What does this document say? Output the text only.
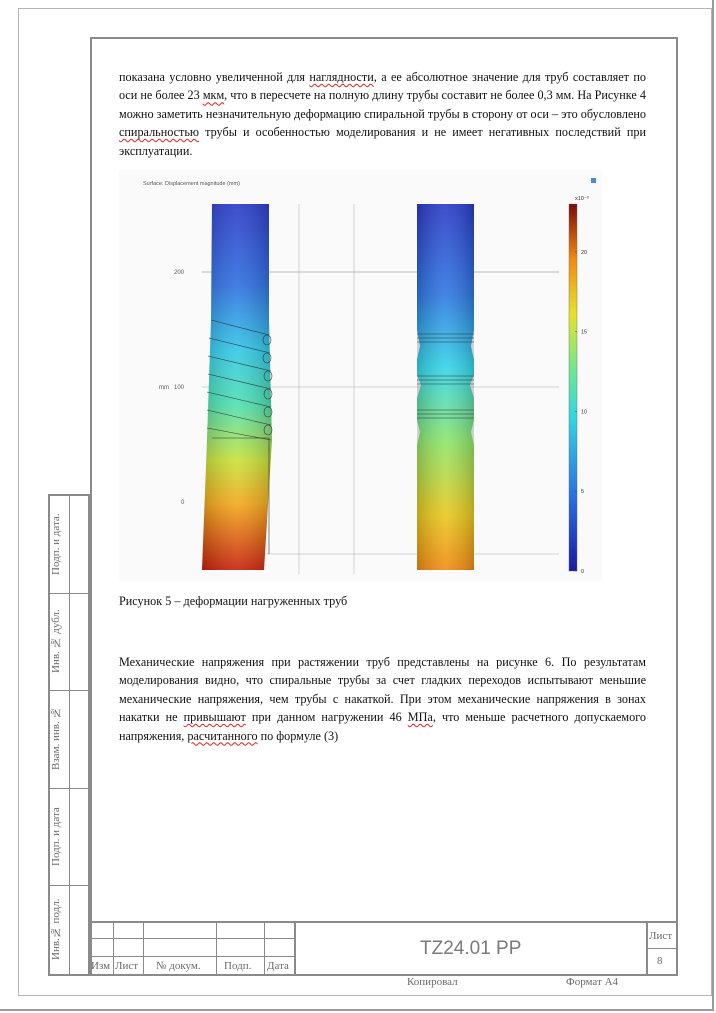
показана условно увеличенной для наглядности, а ее абсолютное значение для труб составляет по оси не более 23 мкм, что в пересчете на полную длину трубы составит не более 0,3 мм. На Рисунке 4 можно заметить незначительную деформацию спиральной трубы в сторону от оси – это обусловлено спиральностью трубы и особенностью моделирования и не имеет негативных последствий при эксплуатации.

Surface: Displacement magnitude (mm)
200
100
0
mm
x10⁻³
20
15
10
5
0
Рисунок 5 – деформации нагруженных труб

Механические напряжения при растяжении труб представлены на рисунке 6. По результатам моделирования видно, что спиральные трубы за счет гладких переходов испытывают меньшие механические напряжения, чем трубы с накаткой. При этом механические напряжения в зонах накатки не привышают при данном нагружении 46 МПа, что меньше расчетного допускаемого напряжения, расчитанного по формуле (3)

Подп. и дата.
Инв. № дубл.
Взам. инв. №
Подп. и дата
Инв.№ подл.
Изм Лист № докум. Подп. Дата
Лист
8
TZ24.01 PP
Копировал	Формат А4
